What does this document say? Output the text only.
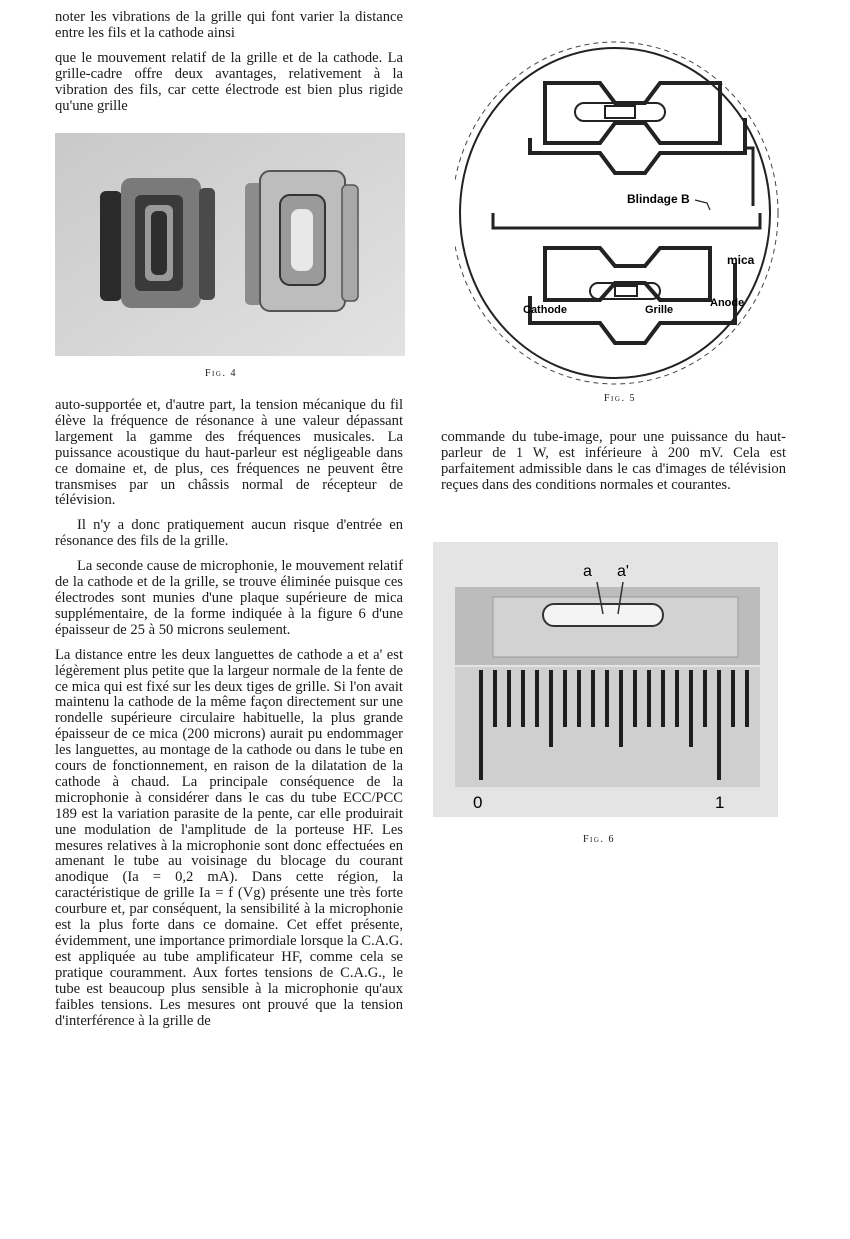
noter les vibrations de la grille qui font varier la distance entre les fils et la cathode ainsi

que le mouvement relatif de la grille et de la cathode. La grille-cadre offre deux avantages, relativement à la vibration des fils, car cette électrode est bien plus rigide qu'une grille

Fig. 4

auto-supportée et, d'autre part, la tension mécanique du fil élève la fréquence de résonance à une valeur dépassant largement la gamme des fréquences musicales. La puissance acoustique du haut-parleur est négligeable dans ce domaine et, de plus, ces fréquences ne peuvent être transmises par un châssis normal de récepteur de télévision.

Il n'y a donc pratiquement aucun risque d'entrée en résonance des fils de la grille.

La seconde cause de microphonie, le mouvement relatif de la cathode et de la grille, se trouve éliminée puisque ces électrodes sont munies d'une plaque supérieure de mica supplémentaire, de la forme indiquée à la figure 6 d'une épaisseur de 25 à 50 microns seulement.

La distance entre les deux languettes de cathode a et a' est légèrement plus petite que la largeur normale de la fente de ce mica qui est fixé sur les deux tiges de grille. Si l'on avait maintenu la cathode de la même façon directement sur une rondelle supérieure circulaire habituelle, la plus grande épaisseur de ce mica (200 microns) aurait pu endommager les languettes, au montage de la cathode ou dans le tube en cours de fonctionnement, en raison de la dilatation de la cathode à chaud. La principale conséquence de la microphonie à considérer dans le cas du tube ECC/PCC 189 est la variation parasite de la pente, car elle produirait une modulation de l'amplitude de la porteuse HF. Les mesures relatives à la microphonie sont donc effectuées en amenant le tube au voisinage du blocage du courant anodique (Ia = 0,2 mA). Dans cette région, la caractéristique de grille Ia = f (Vg) présente une très forte courbure et, par conséquent, la sensibilité à la microphonie est la plus forte dans ce domaine. Cet effet présente, évidemment, une importance primordiale lorsque la C.A.G. est appliquée au tube amplificateur HF, comme cela se pratique couramment. Aux fortes tensions de C.A.G., le tube est beaucoup plus sensible à la microphonie qu'aux faibles tensions. Les mesures ont prouvé que la tension d'interférence à la grille de

Blindage B
mica
Cathode	Grille
Anode
Fig. 5

commande du tube-image, pour une puissance du haut-parleur de 1 W, est inférieure à 200 mV. Cela est parfaitement admissible dans le cas d'images de télévision reçues dans des conditions normales et courantes.

a a'
0	1
Fig. 6
